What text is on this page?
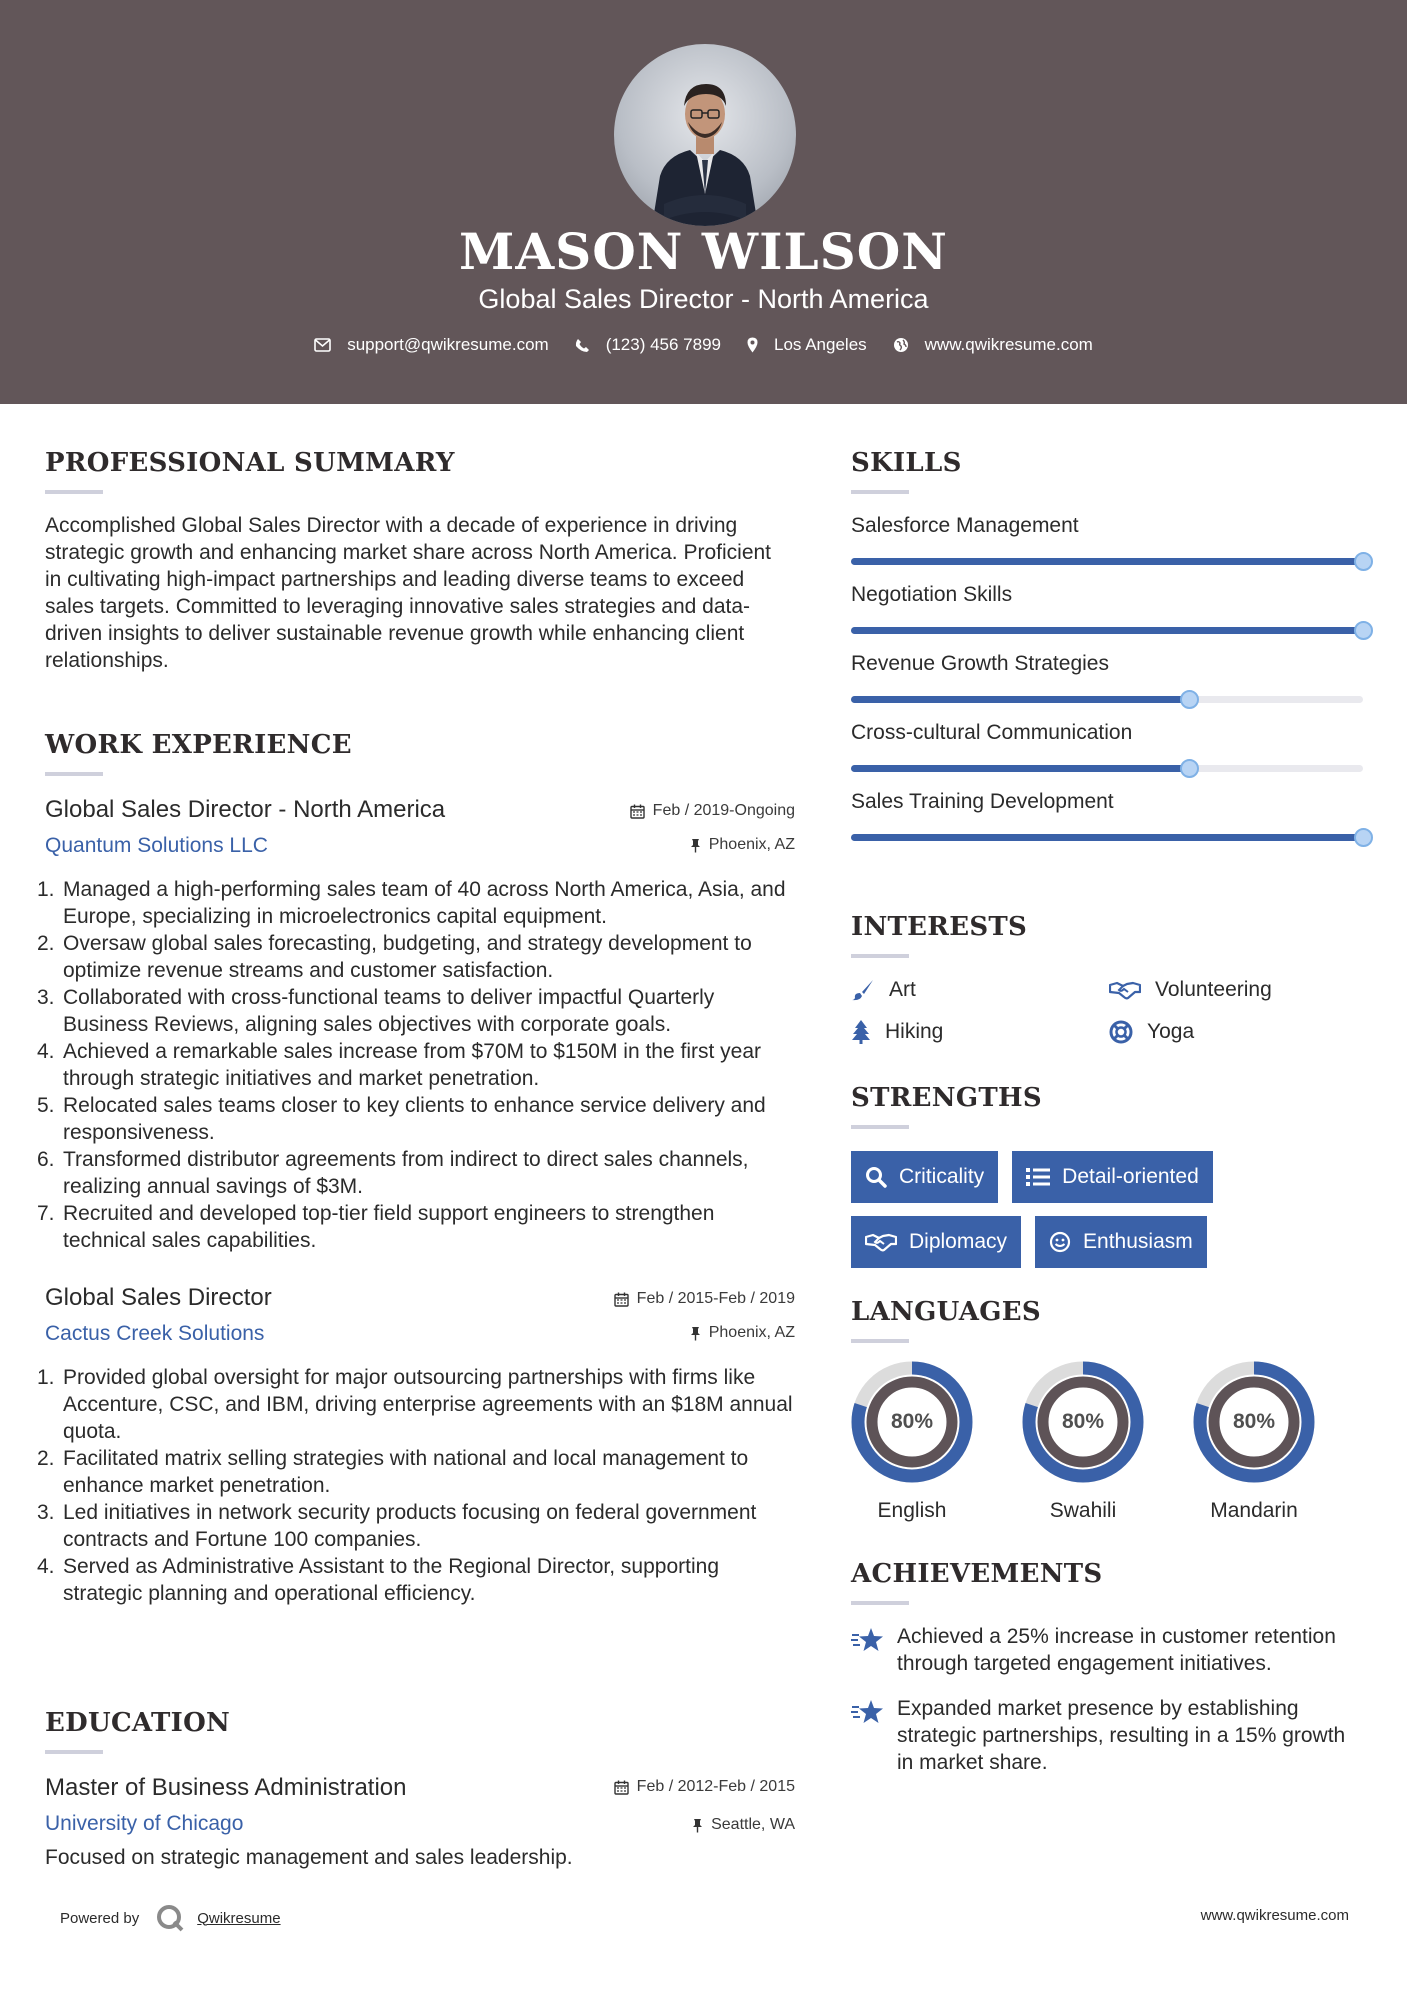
MASON WILSON
Global Sales Director - North America
support@qwikresume.com	(123) 456 7899	Los Angeles	www.qwikresume.com
PROFESSIONAL SUMMARY
Accomplished Global Sales Director with a decade of experience in driving strategic growth and enhancing market share across North America. Proficient in cultivating high-impact partnerships and leading diverse teams to exceed sales targets. Committed to leveraging innovative sales strategies and data-driven insights to deliver sustainable revenue growth while enhancing client relationships.
WORK EXPERIENCE
Global Sales Director - North America	Feb / 2019-Ongoing
Quantum Solutions LLC	Phoenix, AZ
1. Managed a high-performing sales team of 40 across North America, Asia, and Europe, specializing in microelectronics capital equipment.
2. Oversaw global sales forecasting, budgeting, and strategy development to optimize revenue streams and customer satisfaction.
3. Collaborated with cross-functional teams to deliver impactful Quarterly Business Reviews, aligning sales objectives with corporate goals.
4. Achieved a remarkable sales increase from $70M to $150M in the first year through strategic initiatives and market penetration.
5. Relocated sales teams closer to key clients to enhance service delivery and responsiveness.
6. Transformed distributor agreements from indirect to direct sales channels, realizing annual savings of $3M.
7. Recruited and developed top-tier field support engineers to strengthen technical sales capabilities.
Global Sales Director	Feb / 2015-Feb / 2019
Cactus Creek Solutions	Phoenix, AZ
1. Provided global oversight for major outsourcing partnerships with firms like Accenture, CSC, and IBM, driving enterprise agreements with an $18M annual quota.
2. Facilitated matrix selling strategies with national and local management to enhance market penetration.
3. Led initiatives in network security products focusing on federal government contracts and Fortune 100 companies.
4. Served as Administrative Assistant to the Regional Director, supporting strategic planning and operational efficiency.
EDUCATION
Master of Business Administration	Feb / 2012-Feb / 2015
University of Chicago	Seattle, WA
Focused on strategic management and sales leadership.
SKILLS
Salesforce Management
Negotiation Skills
Revenue Growth Strategies
Cross-cultural Communication
Sales Training Development
INTERESTS
Art	Volunteering
Hiking	Yoga
STRENGTHS
Criticality	Detail-oriented
Diplomacy	Enthusiasm
LANGUAGES
80%
English
80%
Swahili
80%
Mandarin
ACHIEVEMENTS
Achieved a 25% increase in customer retention through targeted engagement initiatives.
Expanded market presence by establishing strategic partnerships, resulting in a 15% growth in market share.
Powered by	Qwikresume	www.qwikresume.com
